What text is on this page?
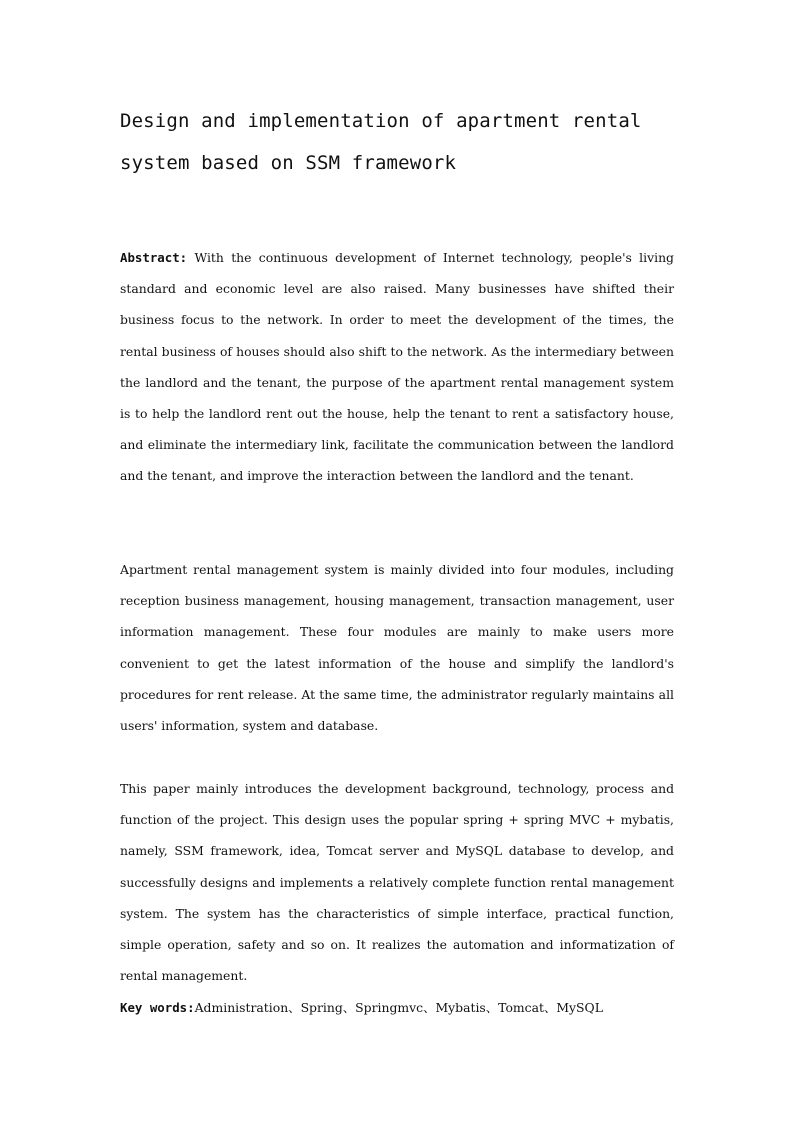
Design and implementation of apartment rental system based on SSM framework

Abstract: With the continuous development of Internet technology, people's living standard and economic level are also raised. Many businesses have shifted their business focus to the network. In order to meet the development of the times, the rental business of houses should also shift to the network. As the intermediary between the landlord and the tenant, the purpose of the apartment rental management system is to help the landlord rent out the house, help the tenant to rent a satisfactory house, and eliminate the intermediary link, facilitate the communication between the landlord and the tenant, and improve the interaction between the landlord and the tenant.

Apartment rental management system is mainly divided into four modules, including reception business management, housing management, transaction management, user information management. These four modules are mainly to make users more convenient to get the latest information of the house and simplify the landlord's procedures for rent release. At the same time, the administrator regularly maintains all users' information, system and database.

This paper mainly introduces the development background, technology, process and function of the project. This design uses the popular spring + spring MVC + mybatis, namely, SSM framework, idea, Tomcat server and MySQL database to develop, and successfully designs and implements a relatively complete function rental management system. The system has the characteristics of simple interface, practical function, simple operation, safety and so on. It realizes the automation and informatization of rental management.

Key words:Administration、Spring、Springmvc、Mybatis、Tomcat、MySQL
